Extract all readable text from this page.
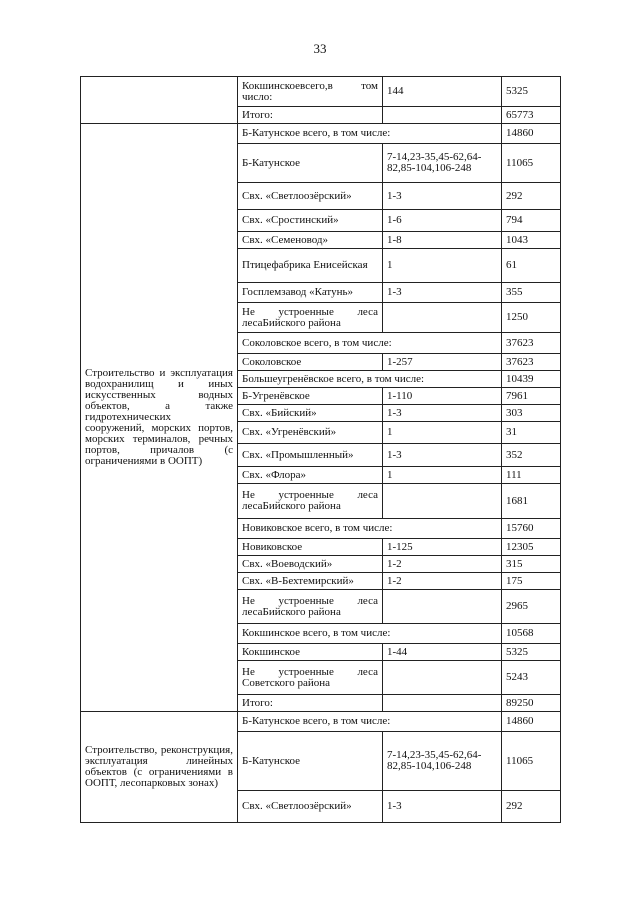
33
	Кокшинскоевсего,в том число:	144	5325
	Итого:		65773

Строительство и эксплуатация водохранилищ и иных искусственных водных объектов, а также гидротехнических сооружений, морских портов, морских терминалов, речных портов, причалов (с ограничениями в ООПТ)	Б-Катунское всего, в том числе:		14860
	Б-Катунское	7-14,23-35,45-62,64-82,85-104,106-248	11065
	Свх. «Светлоозёрский»	1-3	292
	Свх. «Сростинский»	1-6	794
	Свх. «Семеновод»	1-8	1043
	Птицефабрика Енисейская	1	61
	Госплемзавод «Катунь»	1-3	355
	Не устроенные леса лесаБийского района		1250
	Соколовское всего, в том числе:		37623
	Соколовское	1-257	37623
	Большеугренёвское всего, в том числе:		10439
	Б-Угренёвское	1-110	7961
	Свх. «Бийский»	1-3	303
	Свх. «Угренёвский»	1	31
	Свх. «Промышленный»	1-3	352
	Свх. «Флора»	1	111
	Не устроенные леса лесаБийского района		1681
	Новиковское всего, в том числе:		15760
	Новиковское	1-125	12305
	Свх. «Воеводский»	1-2	315
	Свх. «В-Бехтемирский»	1-2	175
	Не устроенные леса лесаБийского района		2965
	Кокшинское всего, в том числе:		10568
	Кокшинское	1-44	5325
	Не устроенные леса Советского района		5243
	Итого:		89250

Строительство, реконструкция, эксплуатация линейных объектов (с ограничениями в ООПТ, лесопарковых зонах)	Б-Катунское всего, в том числе:		14860
	Б-Катунское	7-14,23-35,45-62,64-82,85-104,106-248	11065
	Свх. «Светлоозёрский»	1-3	292
